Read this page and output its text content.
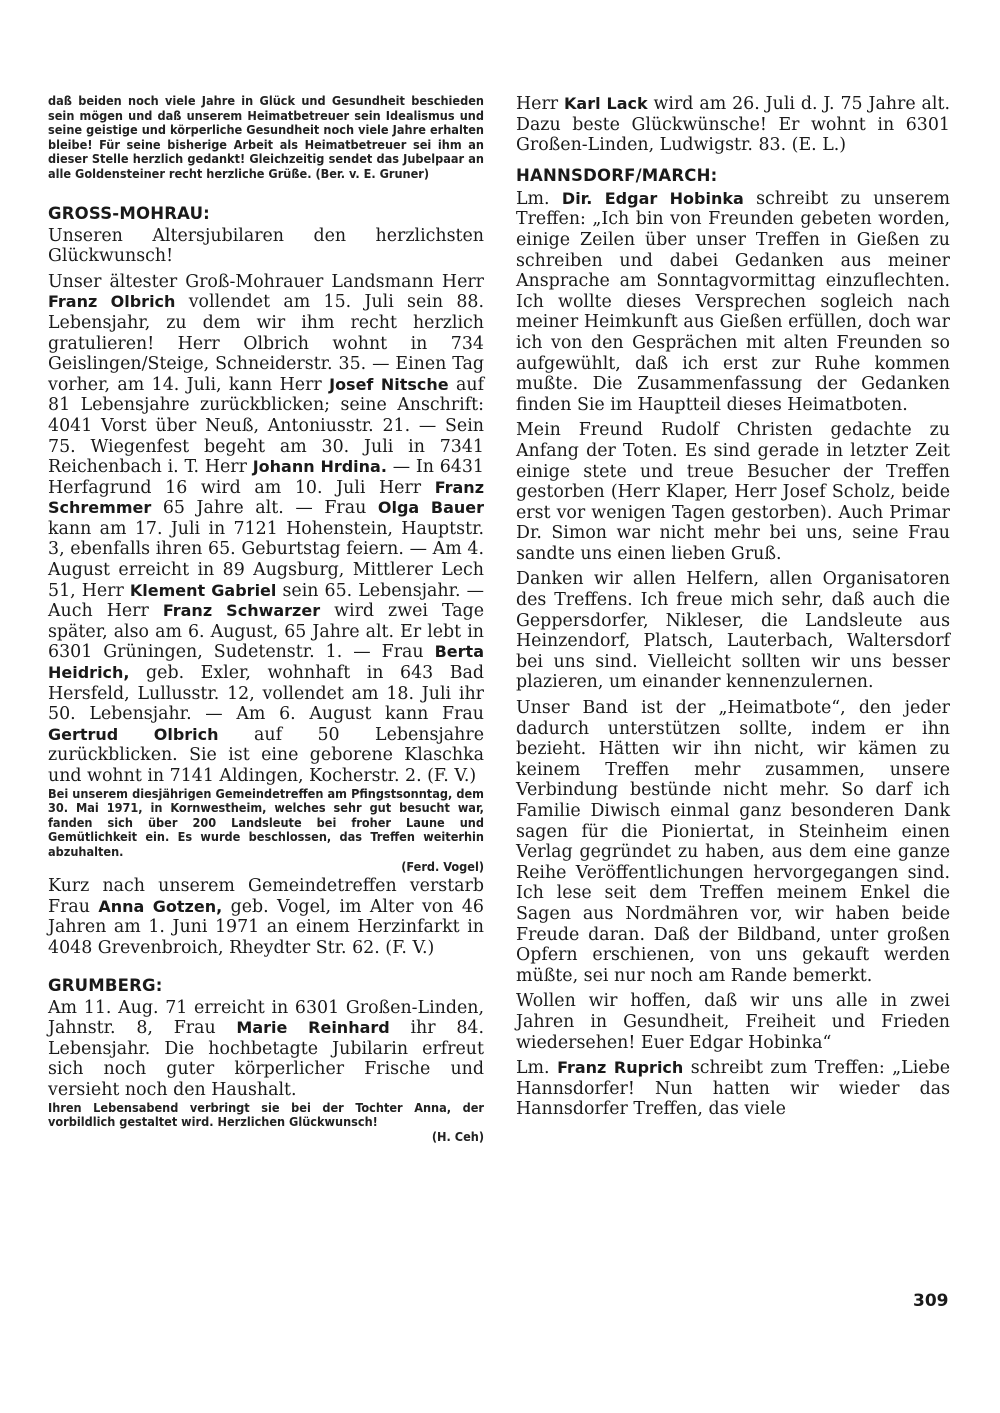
daß beiden noch viele Jahre in Glück und Gesundheit beschieden sein mögen und daß unserem Heimatbetreuer sein Idealismus und seine geistige und körperliche Gesundheit noch viele Jahre erhalten bleibe! Für seine bisherige Arbeit als Heimatbetreuer sei ihm an dieser Stelle herzlich gedankt! Gleichzeitig sendet das Jubelpaar an alle Goldensteiner recht herzliche Grüße. (Ber. v. E. Gruner)

GROSS-MOHRAU:

Unseren Altersjubilaren den herzlichsten Glückwunsch!

Unser ältester Groß-Mohrauer Landsmann Herr Franz Olbrich vollendet am 15. Juli sein 88. Lebensjahr, zu dem wir ihm recht herzlich gratulieren! Herr Olbrich wohnt in 734 Geislingen/Steige, Schneiderstr. 35. — Einen Tag vorher, am 14. Juli, kann Herr Josef Nitsche auf 81 Lebensjahre zurückblicken; seine Anschrift: 4041 Vorst über Neuß, Antoniusstr. 21. — Sein 75. Wiegenfest begeht am 30. Juli in 7341 Reichenbach i. T. Herr Johann Hrdina. — In 6431 Herfagrund 16 wird am 10. Juli Herr Franz Schremmer 65 Jahre alt. — Frau Olga Bauer kann am 17. Juli in 7121 Hohenstein, Hauptstr. 3, ebenfalls ihren 65. Geburtstag feiern. — Am 4. August erreicht in 89 Augsburg, Mittlerer Lech 51, Herr Klement Gabriel sein 65. Lebensjahr. — Auch Herr Franz Schwarzer wird zwei Tage später, also am 6. August, 65 Jahre alt. Er lebt in 6301 Grüningen, Sudetenstr. 1. — Frau Berta Heidrich, geb. Exler, wohnhaft in 643 Bad Hersfeld, Lullusstr. 12, vollendet am 18. Juli ihr 50. Lebensjahr. — Am 6. August kann Frau Gertrud Olbrich auf 50 Lebensjahre zurückblicken. Sie ist eine geborene Klaschka und wohnt in 7141 Aldingen, Kocherstr. 2. (F. V.)

Bei unserem diesjährigen Gemeindetreffen am Pfingstsonntag, dem 30. Mai 1971, in Kornwestheim, welches sehr gut besucht war, fanden sich über 200 Landsleute bei froher Laune und Gemütlichkeit ein. Es wurde beschlossen, das Treffen weiterhin abzuhalten.

(Ferd. Vogel)

Kurz nach unserem Gemeindetreffen verstarb Frau Anna Gotzen, geb. Vogel, im Alter von 46 Jahren am 1. Juni 1971 an einem Herzinfarkt in 4048 Grevenbroich, Rheydter Str. 62. (F. V.)

GRUMBERG:

Am 11. Aug. 71 erreicht in 6301 Großen-Linden, Jahnstr. 8, Frau Marie Reinhard ihr 84. Lebensjahr. Die hochbetagte Jubilarin erfreut sich noch guter körperlicher Frische und versieht noch den Haushalt.

Ihren Lebensabend verbringt sie bei der Tochter Anna, der vorbildlich gestaltet wird. Herzlichen Glückwunsch!

(H. Ceh)

Herr Karl Lack wird am 26. Juli d. J. 75 Jahre alt. Dazu beste Glückwünsche! Er wohnt in 6301 Großen-Linden, Ludwigstr. 83. (E. L.)

HANNSDORF/MARCH:

Lm. Dir. Edgar Hobinka schreibt zu unserem Treffen: „Ich bin von Freunden gebeten worden, einige Zeilen über unser Treffen in Gießen zu schreiben und dabei Gedanken aus meiner Ansprache am Sonntagvormittag einzuflechten. Ich wollte dieses Versprechen sogleich nach meiner Heimkunft aus Gießen erfüllen, doch war ich von den Gesprächen mit alten Freunden so aufgewühlt, daß ich erst zur Ruhe kommen mußte. Die Zusammenfassung der Gedanken finden Sie im Hauptteil dieses Heimatboten.

Mein Freund Rudolf Christen gedachte zu Anfang der Toten. Es sind gerade in letzter Zeit einige stete und treue Besucher der Treffen gestorben (Herr Klaper, Herr Josef Scholz, beide erst vor wenigen Tagen gestorben). Auch Primar Dr. Simon war nicht mehr bei uns, seine Frau sandte uns einen lieben Gruß.

Danken wir allen Helfern, allen Organisatoren des Treffens. Ich freue mich sehr, daß auch die Geppersdorfer, Nikleser, die Landsleute aus Heinzendorf, Platsch, Lauterbach, Waltersdorf bei uns sind. Vielleicht sollten wir uns besser plazieren, um einander kennenzulernen.

Unser Band ist der „Heimatbote“, den jeder dadurch unterstützen sollte, indem er ihn bezieht. Hätten wir ihn nicht, wir kämen zu keinem Treffen mehr zusammen, unsere Verbindung bestünde nicht mehr. So darf ich Familie Diwisch einmal ganz besonderen Dank sagen für die Pioniertat, in Steinheim einen Verlag gegründet zu haben, aus dem eine ganze Reihe Veröffentlichungen hervorgegangen sind. Ich lese seit dem Treffen meinem Enkel die Sagen aus Nordmähren vor, wir haben beide Freude daran. Daß der Bildband, unter großen Opfern erschienen, von uns gekauft werden müßte, sei nur noch am Rande bemerkt.

Wollen wir hoffen, daß wir uns alle in zwei Jahren in Gesundheit, Freiheit und Frieden wiedersehen! Euer Edgar Hobinka“

Lm. Franz Ruprich schreibt zum Treffen: „Liebe Hannsdorfer! Nun hatten wir wieder das Hannsdorfer Treffen, das viele

309
